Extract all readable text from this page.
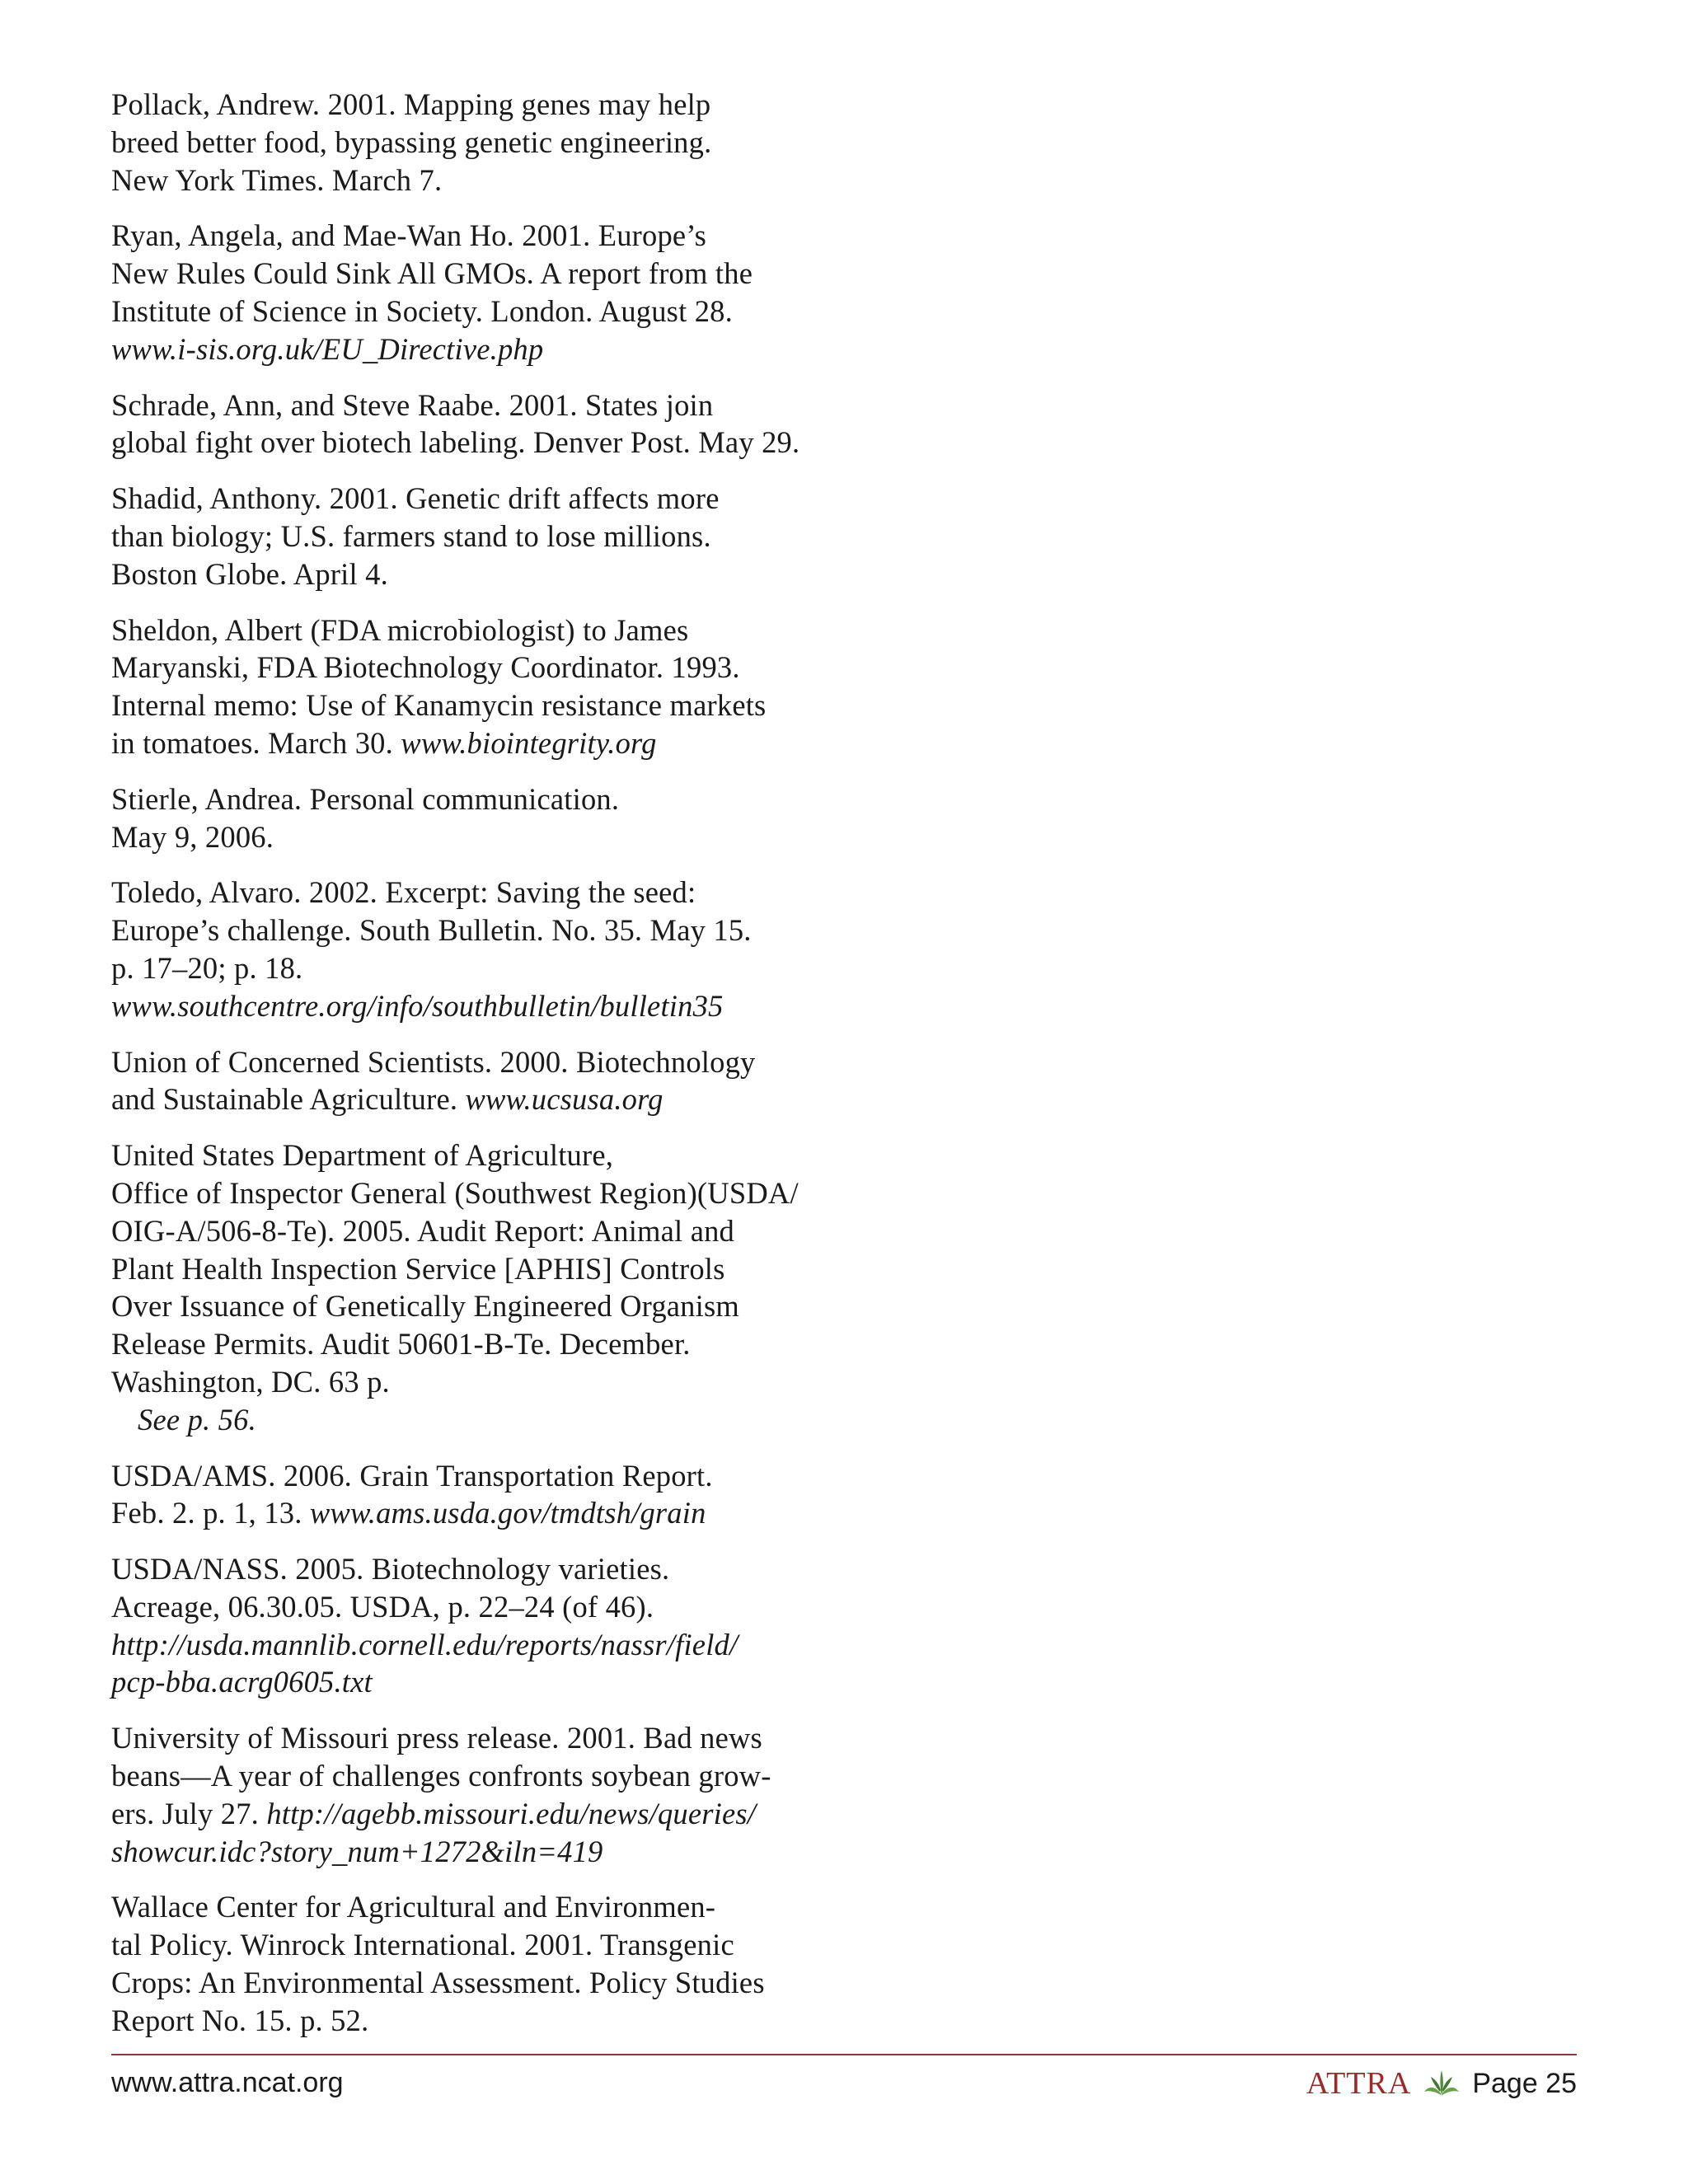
Pollack, Andrew. 2001. Mapping genes may help
breed better food, bypassing genetic engineering.
New York Times. March 7.

Ryan, Angela, and Mae-Wan Ho. 2001. Europe’s
New Rules Could Sink All GMOs. A report from the
Institute of Science in Society. London. August 28.
www.i-sis.org.uk/EU_Directive.php

Schrade, Ann, and Steve Raabe. 2001. States join
global fight over biotech labeling. Denver Post. May 29.

Shadid, Anthony. 2001. Genetic drift affects more
than biology; U.S. farmers stand to lose millions.
Boston Globe. April 4.

Sheldon, Albert (FDA microbiologist) to James
Maryanski, FDA Biotechnology Coordinator. 1993.
Internal memo: Use of Kanamycin resistance markets
in tomatoes. March 30. www.biointegrity.org

Stierle, Andrea. Personal communication.
May 9, 2006.

Toledo, Alvaro. 2002. Excerpt: Saving the seed:
Europe’s challenge. South Bulletin. No. 35. May 15.
p. 17–20; p. 18.
www.southcentre.org/info/southbulletin/bulletin35

Union of Concerned Scientists. 2000. Biotechnology
and Sustainable Agriculture. www.ucsusa.org

United States Department of Agriculture,
Office of Inspector General (Southwest Region)(USDA/
OIG-A/506-8-Te). 2005. Audit Report: Animal and
Plant Health Inspection Service [APHIS] Controls
Over Issuance of Genetically Engineered Organism
Release Permits. Audit 50601-B-Te. December.
Washington, DC. 63 p.
See p. 56.

USDA/AMS. 2006. Grain Transportation Report.
Feb. 2. p. 1, 13. www.ams.usda.gov/tmdtsh/grain

USDA/NASS. 2005. Biotechnology varieties.
Acreage, 06.30.05. USDA, p. 22–24 (of 46).
http://usda.mannlib.cornell.edu/reports/nassr/field/
pcp-bba.acrg0605.txt

University of Missouri press release. 2001. Bad news
beans—A year of challenges confronts soybean grow-
ers. July 27. http://agebb.missouri.edu/news/queries/
showcur.idc?story_num+1272&iln=419

Wallace Center for Agricultural and Environmen-
tal Policy. Winrock International. 2001. Transgenic
Crops: An Environmental Assessment. Policy Studies
Report No. 15. p. 52.

www.attra.ncat.org	ATTRA Page 25
